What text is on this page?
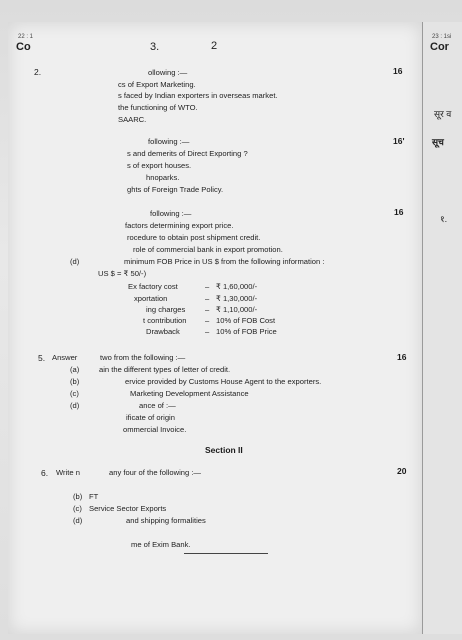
22 : 1
Co	3.	2
23 : 1si
Cor
सूर व
सूच
१.
2.	16
ollowing :—
cs of Export Marketing.
s faced by Indian exporters in overseas market.
the functioning of WTO.
SAARC.
16'
following :—
s and demerits of Direct Exporting ?
s of export houses.
hnoparks.
ghts of Foreign Trade Policy.
16
following :—
factors determining export price.
rocedure to obtain post shipment credit.
role of commercial bank in export promotion.
(d)	minimum FOB Price in US $ from the following information :
US $ = ₹ 50/-)
Ex factory cost	– ₹ 1,60,000/-
xportation	– ₹ 1,30,000/-
ing charges	– ₹ 1,10,000/-
t contribution – 10% of FOB Cost
Drawback	– 10% of FOB Price
5.	16
Answer	two from the following :—
(a)	ain the different types of letter of credit.
(b)	ervice provided by Customs House Agent to the exporters.
(c)	Marketing Development Assistance
(d)	ance of :—
ificate of origin
ommercial Invoice.
Section II
6.	20
Write n	any four of the following :—
(b) FT
(c) Service Sector Exports
(d)	and shipping formalities
me of Exim Bank.
